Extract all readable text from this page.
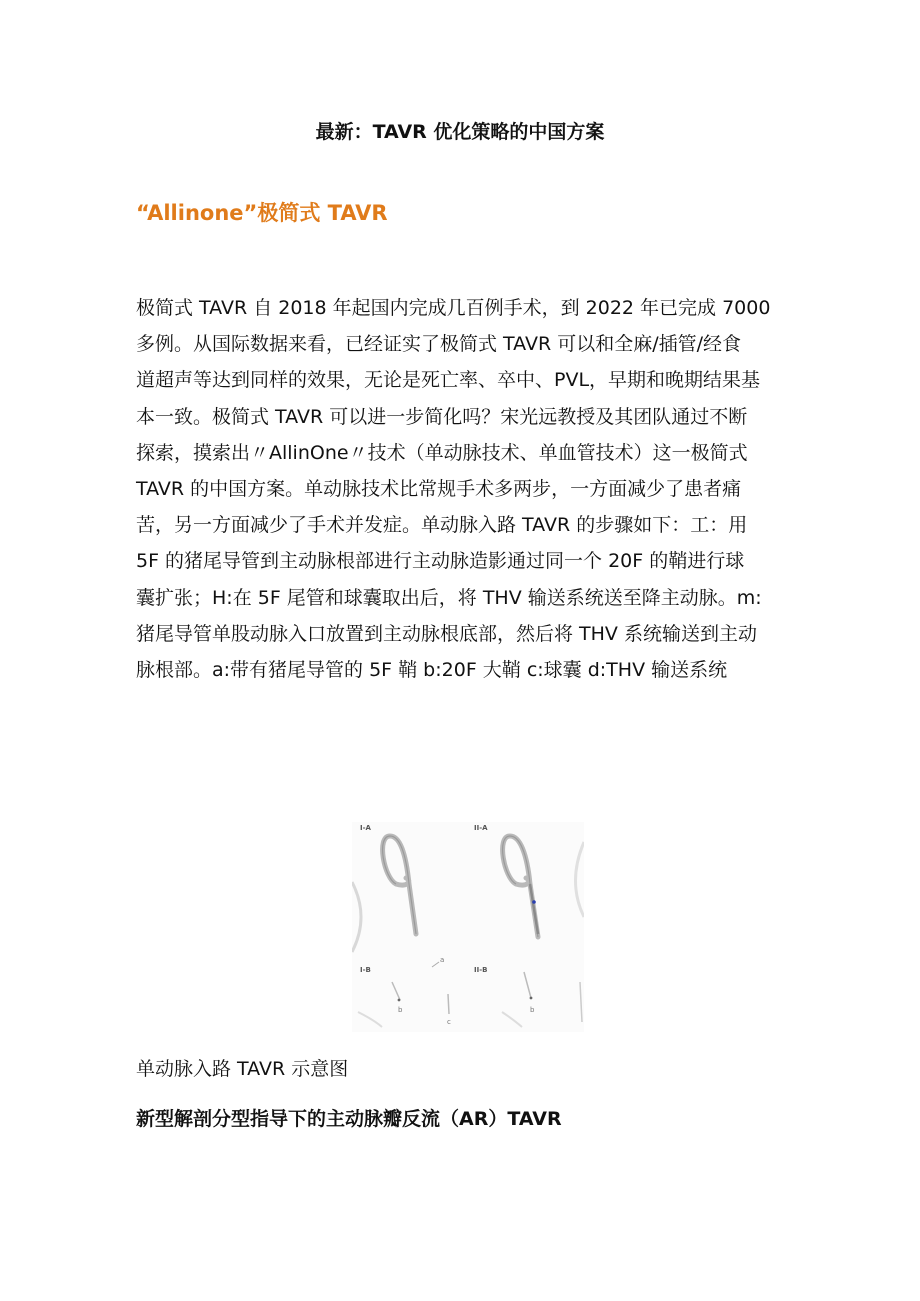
最新：TAVR 优化策略的中国方案
“Allinone”极简式 TAVR
极简式 TAVR 自 2018 年起国内完成几百例手术，到 2022 年已完成 7000
多例。从国际数据来看，已经证实了极简式 TAVR 可以和全麻/插管/经食
道超声等达到同样的效果，无论是死亡率、卒中、PVL，早期和晚期结果基
本一致。极简式 TAVR 可以进一步简化吗？宋光远教授及其团队通过不断
探索，摸索出〃AllinOne〃技术（单动脉技术、单血管技术）这一极简式
TAVR 的中国方案。单动脉技术比常规手术多两步，一方面减少了患者痛
苦，另一方面减少了手术并发症。单动脉入路 TAVR 的步骤如下：工：用
5F 的猪尾导管到主动脉根部进行主动脉造影通过同一个 20F 的鞘进行球
囊扩张；H:在 5F 尾管和球囊取出后，将 THV 输送系统送至降主动脉。m:
猪尾导管单股动脉入口放置到主动脉根底部，然后将 THV 系统输送到主动
脉根部。a:带有猪尾导管的 5F 鞘 b:20F 大鞘 c:球囊 d:THV 输送系统
I-A	II-A
I-B	II-B
a
b
c
b
单动脉入路 TAVR 示意图
新型解剖分型指导下的主动脉瓣反流（AR）TAVR
